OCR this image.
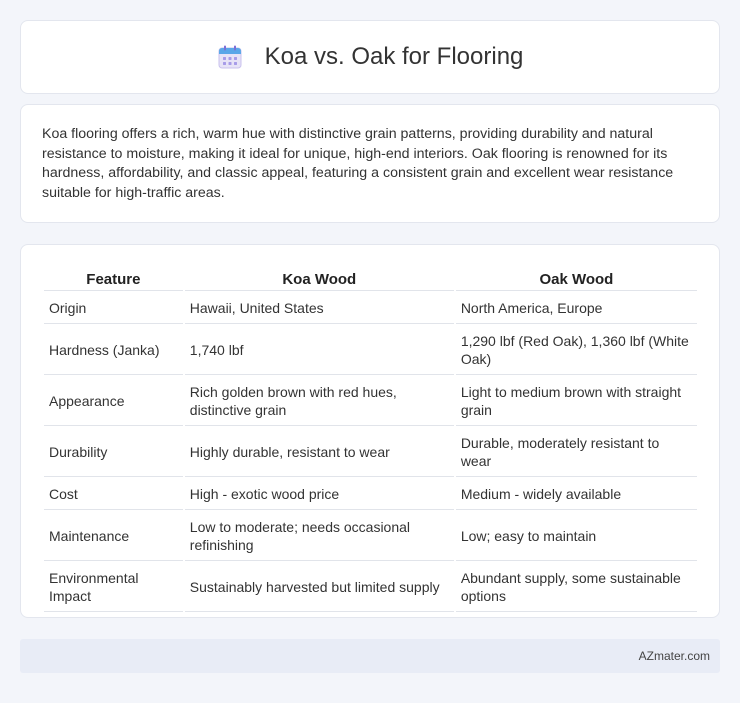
Koa vs. Oak for Flooring

Koa flooring offers a rich, warm hue with distinctive grain patterns, providing durability and natural resistance to moisture, making it ideal for unique, high-end interiors. Oak flooring is renowned for its hardness, affordability, and classic appeal, featuring a consistent grain and excellent wear resistance suitable for high-traffic areas.

Feature	Koa Wood	Oak Wood
Origin	Hawaii, United States	North America, Europe
Hardness (Janka)	1,740 lbf	1,290 lbf (Red Oak), 1,360 lbf (White Oak)
Appearance	Rich golden brown with red hues, distinctive grain	Light to medium brown with straight grain
Durability	Highly durable, resistant to wear	Durable, moderately resistant to wear
Cost	High - exotic wood price	Medium - widely available
Maintenance	Low to moderate; needs occasional refinishing	Low; easy to maintain
Environmental Impact	Sustainably harvested but limited supply	Abundant supply, some sustainable options
AZmater.com
